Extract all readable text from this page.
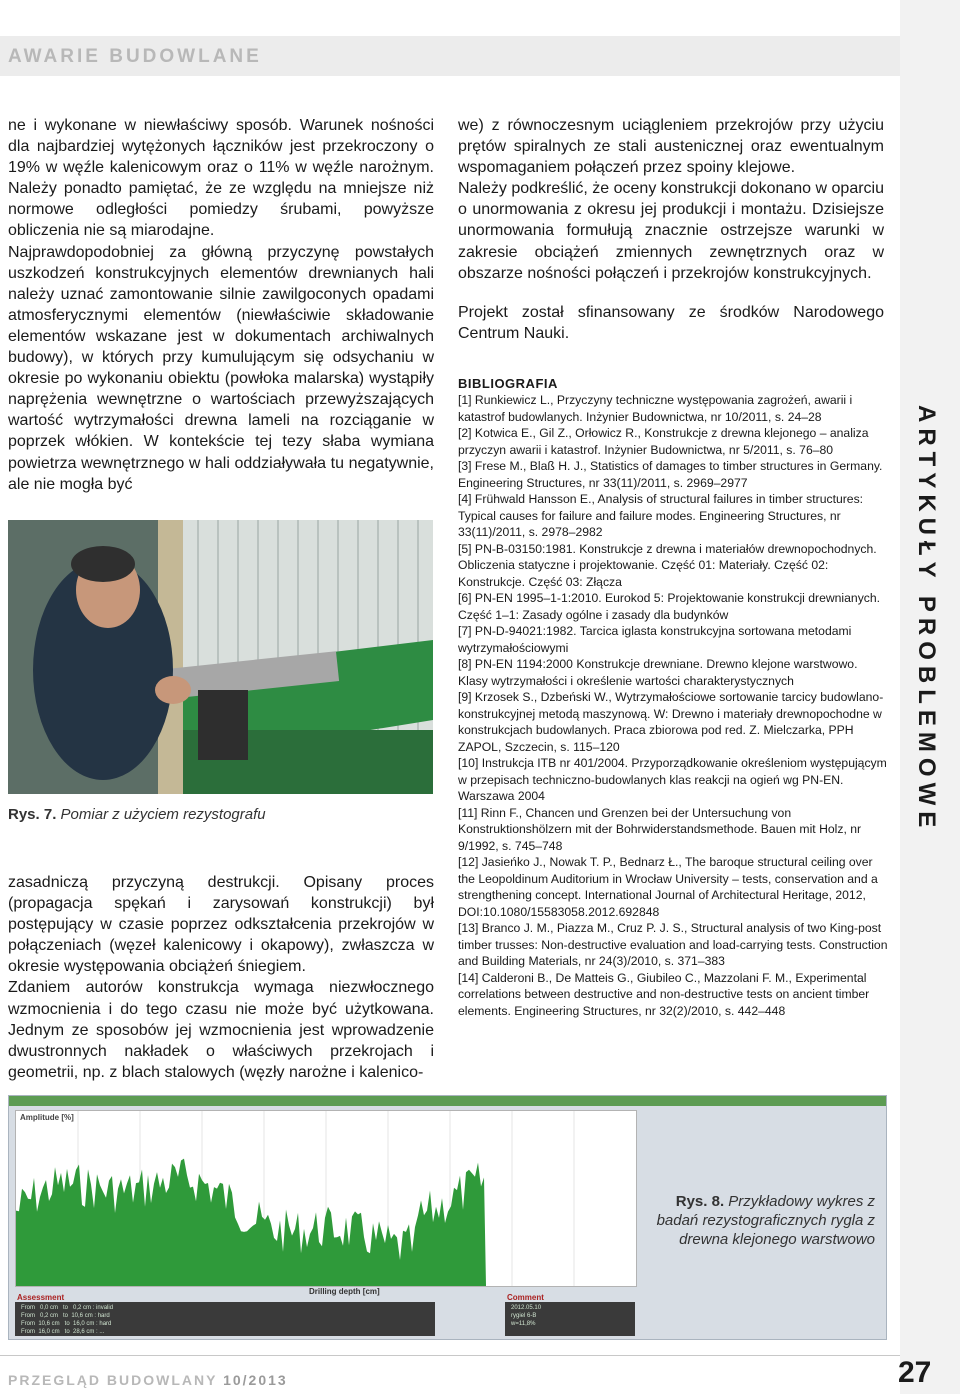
AWARIE BUDOWLANE
ARTYKUŁY PROBLEMOWE

ne i wykonane w niewłaściwy sposób. Warunek nośności dla najbardziej wytężonych łączników jest przekroczony o 19% w węźle kalenicowym oraz o 11% w węźle narożnym. Należy ponadto pamiętać, że ze względu na mniejsze niż normowe odległości pomiedzy śrubami, powyższe obliczenia nie są miarodajne.

Najprawdopodobniej za główną przyczynę powstałych uszkodzeń konstrukcyjnych elementów drewnianych hali należy uznać zamontowanie silnie zawilgoconych opadami atmosferycznymi elementów (niewłaściwie składowanie elementów wskazane jest w dokumentach archiwalnych budowy), w których przy kumulującym się odsychaniu w okresie po wykonaniu obiektu (powłoka malarska) wystąpiły naprężenia wewnętrzne o wartościach przewyższających wartość wytrzymałości drewna lameli na rozciąganie w poprzek włókien. W kontekście tej tezy słaba wymiana powietrza wewnętrznego w hali oddziaływała tu negatywnie, ale nie mogła być

Rys. 7. Pomiar z użyciem rezystografu

zasadniczą przyczyną destrukcji. Opisany proces (propagacja spękań i zarysowań konstrukcji) był postępujący w czasie poprzez odkształcenia przekrojów w połączeniach (węzeł kalenicowy i okapowy), zwłaszcza w okresie występowania obciążeń śniegiem.

Zdaniem autorów konstrukcja wymaga niezwłocznego wzmocnienia i do tego czasu nie może być użytkowana. Jednym ze sposobów jej wzmocnienia jest wprowadzenie dwustronnych nakładek o właściwych przekrojach i geometrii, np. z blach stalowych (węzły narożne i kalenico-

we) z równoczesnym uciągleniem przekrojów przy użyciu prętów spiralnych ze stali austenicznej oraz ewentualnym wspomaganiem połączeń przez spoiny klejowe.

Należy podkreślić, że oceny konstrukcji dokonano w oparciu o unormowania z okresu jej produkcji i montażu. Dzisiejsze unormowania formułują znacznie ostrzejsze warunki w zakresie obciążeń zmiennych zewnętrznych oraz w obszarze nośności połączeń i przekrojów konstrukcyjnych.

Projekt został sfinansowany ze środków Narodowego Centrum Nauki.

BIBLIOGRAFIA
[1] Runkiewicz L., Przyczyny techniczne występowania zagrożeń, awarii i katastrof budowlanych. Inżynier Budownictwa, nr 10/2011, s. 24–28
[2] Kotwica E., Gil Z., Orłowicz R., Konstrukcje z drewna klejonego – analiza przyczyn awarii i katastrof. Inżynier Budownictwa, nr 5/2011, s. 76–80
[3] Frese M., Blaß H. J., Statistics of damages to timber structures in Germany. Engineering Structures, nr 33(11)/2011, s. 2969–2977
[4] Frühwald Hansson E., Analysis of structural failures in timber structures: Typical causes for failure and failure modes. Engineering Structures, nr 33(11)/2011, s. 2978–2982
[5] PN-B-03150:1981. Konstrukcje z drewna i materiałów drewnopochodnych. Obliczenia statyczne i projektowanie. Część 01: Materiały. Część 02: Konstrukcje. Część 03: Złącza
[6] PN-EN 1995–1-1:2010. Eurokod 5: Projektowanie konstrukcji drewnianych. Część 1–1: Zasady ogólne i zasady dla budynków
[7] PN-D-94021:1982. Tarcica iglasta konstrukcyjna sortowana metodami wytrzymałościowymi
[8] PN-EN 1194:2000 Konstrukcje drewniane. Drewno klejone warstwowo. Klasy wytrzymałości i określenie wartości charakterystycznych
[9] Krzosek S., Dzbeński W., Wytrzymałościowe sortowanie tarcicy budowlano-konstrukcyjnej metodą maszynową. W: Drewno i materiały drewnopochodne w konstrukcjach budowlanych. Praca zbiorowa pod red. Z. Mielczarka, PPH ZAPOL, Szczecin, s. 115–120
[10] Instrukcja ITB nr 401/2004. Przyporządkowanie określeniom występującym w przepisach techniczno-budowlanych klas reakcji na ogień wg PN-EN. Warszawa 2004
[11] Rinn F., Chancen und Grenzen bei der Untersuchung von Konstruktionshölzern mit der Bohrwiderstandsmethode. Bauen mit Holz, nr 9/1992, s. 745–748
[12] Jasieńko J., Nowak T. P., Bednarz Ł., The baroque structural ceiling over the Leopoldinum Auditorium in Wrocław University – tests, conservation and a strengthening concept. International Journal of Architectural Heritage, 2012, DOI:10.1080/15583058.2012.692848
[13] Branco J. M., Piazza M., Cruz P. J. S., Structural analysis of two King-post timber trusses: Non-destructive evaluation and load-carrying tests. Construction and Building Materials, nr 24(3)/2010, s. 371–383
[14] Calderoni B., De Matteis G., Giubileo C., Mazzolani F. M., Experimental correlations between destructive and non-destructive tests on ancient timber elements. Engineering Structures, nr 32(2)/2010, s. 442–448
Amplitude [%]
Drilling depth [cm]
Assessment	Comment
From   0,0 cm   to   0,2 cm : invalid
From   0,2 cm   to  10,6 cm : hard
From  10,6 cm   to  16,0 cm : hard
From  16,0 cm   to  28,6 cm : ...
2012.05.10
rygiel 6-B
w=11,8%
Rys. 8. Przykładowy wykres z badań rezystograficznych rygla z drewna klejonego warstwowo
PRZEGLĄD BUDOWLANY 10/2013	27
